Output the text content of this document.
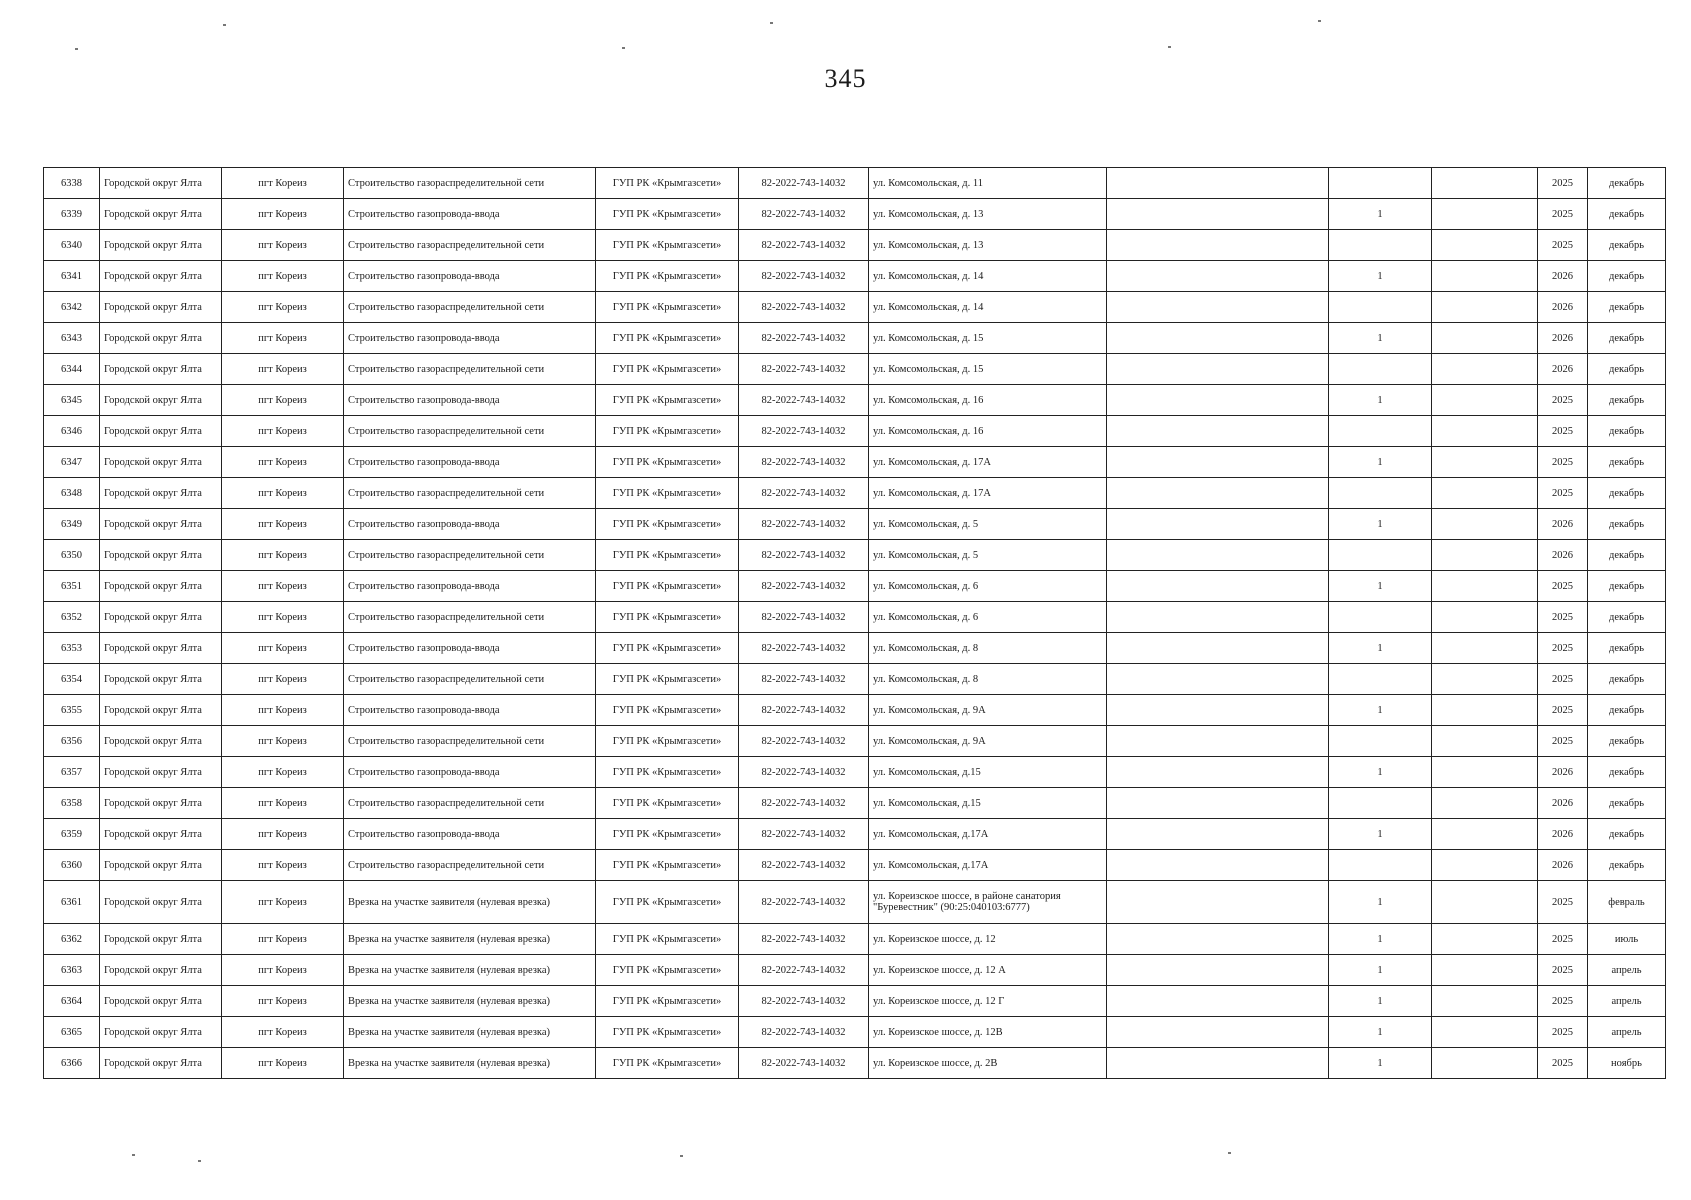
345
6338	Городской округ Ялта	пгт Кореиз	Строительство газораспределительной сети	ГУП РК «Крымгазсети»	82-2022-743-14032	ул. Комсомольская, д. 11				2025	декабрь
6339	Городской округ Ялта	пгт Кореиз	Строительство газопровода-ввода	ГУП РК «Крымгазсети»	82-2022-743-14032	ул. Комсомольская, д. 13		1		2025	декабрь
6340	Городской округ Ялта	пгт Кореиз	Строительство газораспределительной сети	ГУП РК «Крымгазсети»	82-2022-743-14032	ул. Комсомольская, д. 13				2025	декабрь
6341	Городской округ Ялта	пгт Кореиз	Строительство газопровода-ввода	ГУП РК «Крымгазсети»	82-2022-743-14032	ул. Комсомольская, д. 14		1		2026	декабрь
6342	Городской округ Ялта	пгт Кореиз	Строительство газораспределительной сети	ГУП РК «Крымгазсети»	82-2022-743-14032	ул. Комсомольская, д. 14				2026	декабрь
6343	Городской округ Ялта	пгт Кореиз	Строительство газопровода-ввода	ГУП РК «Крымгазсети»	82-2022-743-14032	ул. Комсомольская, д. 15		1		2026	декабрь
6344	Городской округ Ялта	пгт Кореиз	Строительство газораспределительной сети	ГУП РК «Крымгазсети»	82-2022-743-14032	ул. Комсомольская, д. 15				2026	декабрь
6345	Городской округ Ялта	пгт Кореиз	Строительство газопровода-ввода	ГУП РК «Крымгазсети»	82-2022-743-14032	ул. Комсомольская, д. 16		1		2025	декабрь
6346	Городской округ Ялта	пгт Кореиз	Строительство газораспределительной сети	ГУП РК «Крымгазсети»	82-2022-743-14032	ул. Комсомольская, д. 16				2025	декабрь
6347	Городской округ Ялта	пгт Кореиз	Строительство газопровода-ввода	ГУП РК «Крымгазсети»	82-2022-743-14032	ул. Комсомольская, д. 17А		1		2025	декабрь
6348	Городской округ Ялта	пгт Кореиз	Строительство газораспределительной сети	ГУП РК «Крымгазсети»	82-2022-743-14032	ул. Комсомольская, д. 17А				2025	декабрь
6349	Городской округ Ялта	пгт Кореиз	Строительство газопровода-ввода	ГУП РК «Крымгазсети»	82-2022-743-14032	ул. Комсомольская, д. 5		1		2026	декабрь
6350	Городской округ Ялта	пгт Кореиз	Строительство газораспределительной сети	ГУП РК «Крымгазсети»	82-2022-743-14032	ул. Комсомольская, д. 5				2026	декабрь
6351	Городской округ Ялта	пгт Кореиз	Строительство газопровода-ввода	ГУП РК «Крымгазсети»	82-2022-743-14032	ул. Комсомольская, д. 6		1		2025	декабрь
6352	Городской округ Ялта	пгт Кореиз	Строительство газораспределительной сети	ГУП РК «Крымгазсети»	82-2022-743-14032	ул. Комсомольская, д. 6				2025	декабрь
6353	Городской округ Ялта	пгт Кореиз	Строительство газопровода-ввода	ГУП РК «Крымгазсети»	82-2022-743-14032	ул. Комсомольская, д. 8		1		2025	декабрь
6354	Городской округ Ялта	пгт Кореиз	Строительство газораспределительной сети	ГУП РК «Крымгазсети»	82-2022-743-14032	ул. Комсомольская, д. 8				2025	декабрь
6355	Городской округ Ялта	пгт Кореиз	Строительство газопровода-ввода	ГУП РК «Крымгазсети»	82-2022-743-14032	ул. Комсомольская, д. 9А		1		2025	декабрь
6356	Городской округ Ялта	пгт Кореиз	Строительство газораспределительной сети	ГУП РК «Крымгазсети»	82-2022-743-14032	ул. Комсомольская, д. 9А				2025	декабрь
6357	Городской округ Ялта	пгт Кореиз	Строительство газопровода-ввода	ГУП РК «Крымгазсети»	82-2022-743-14032	ул. Комсомольская, д.15		1		2026	декабрь
6358	Городской округ Ялта	пгт Кореиз	Строительство газораспределительной сети	ГУП РК «Крымгазсети»	82-2022-743-14032	ул. Комсомольская, д.15				2026	декабрь
6359	Городской округ Ялта	пгт Кореиз	Строительство газопровода-ввода	ГУП РК «Крымгазсети»	82-2022-743-14032	ул. Комсомольская, д.17А		1		2026	декабрь
6360	Городской округ Ялта	пгт Кореиз	Строительство газораспределительной сети	ГУП РК «Крымгазсети»	82-2022-743-14032	ул. Комсомольская, д.17А				2026	декабрь
6361	Городской округ Ялта	пгт Кореиз	Врезка на участке заявителя (нулевая врезка)	ГУП РК «Крымгазсети»	82-2022-743-14032	ул. Кореизское шоссе, в районе санатория "Буревестник" (90:25:040103:6777)		1		2025	февраль
6362	Городской округ Ялта	пгт Кореиз	Врезка на участке заявителя (нулевая врезка)	ГУП РК «Крымгазсети»	82-2022-743-14032	ул. Кореизское шоссе, д. 12		1		2025	июль
6363	Городской округ Ялта	пгт Кореиз	Врезка на участке заявителя (нулевая врезка)	ГУП РК «Крымгазсети»	82-2022-743-14032	ул. Кореизское шоссе, д. 12 А		1		2025	апрель
6364	Городской округ Ялта	пгт Кореиз	Врезка на участке заявителя (нулевая врезка)	ГУП РК «Крымгазсети»	82-2022-743-14032	ул. Кореизское шоссе, д. 12 Г		1		2025	апрель
6365	Городской округ Ялта	пгт Кореиз	Врезка на участке заявителя (нулевая врезка)	ГУП РК «Крымгазсети»	82-2022-743-14032	ул. Кореизское шоссе, д. 12В		1		2025	апрель
6366	Городской округ Ялта	пгт Кореиз	Врезка на участке заявителя (нулевая врезка)	ГУП РК «Крымгазсети»	82-2022-743-14032	ул. Кореизское шоссе, д. 2В		1		2025	ноябрь
